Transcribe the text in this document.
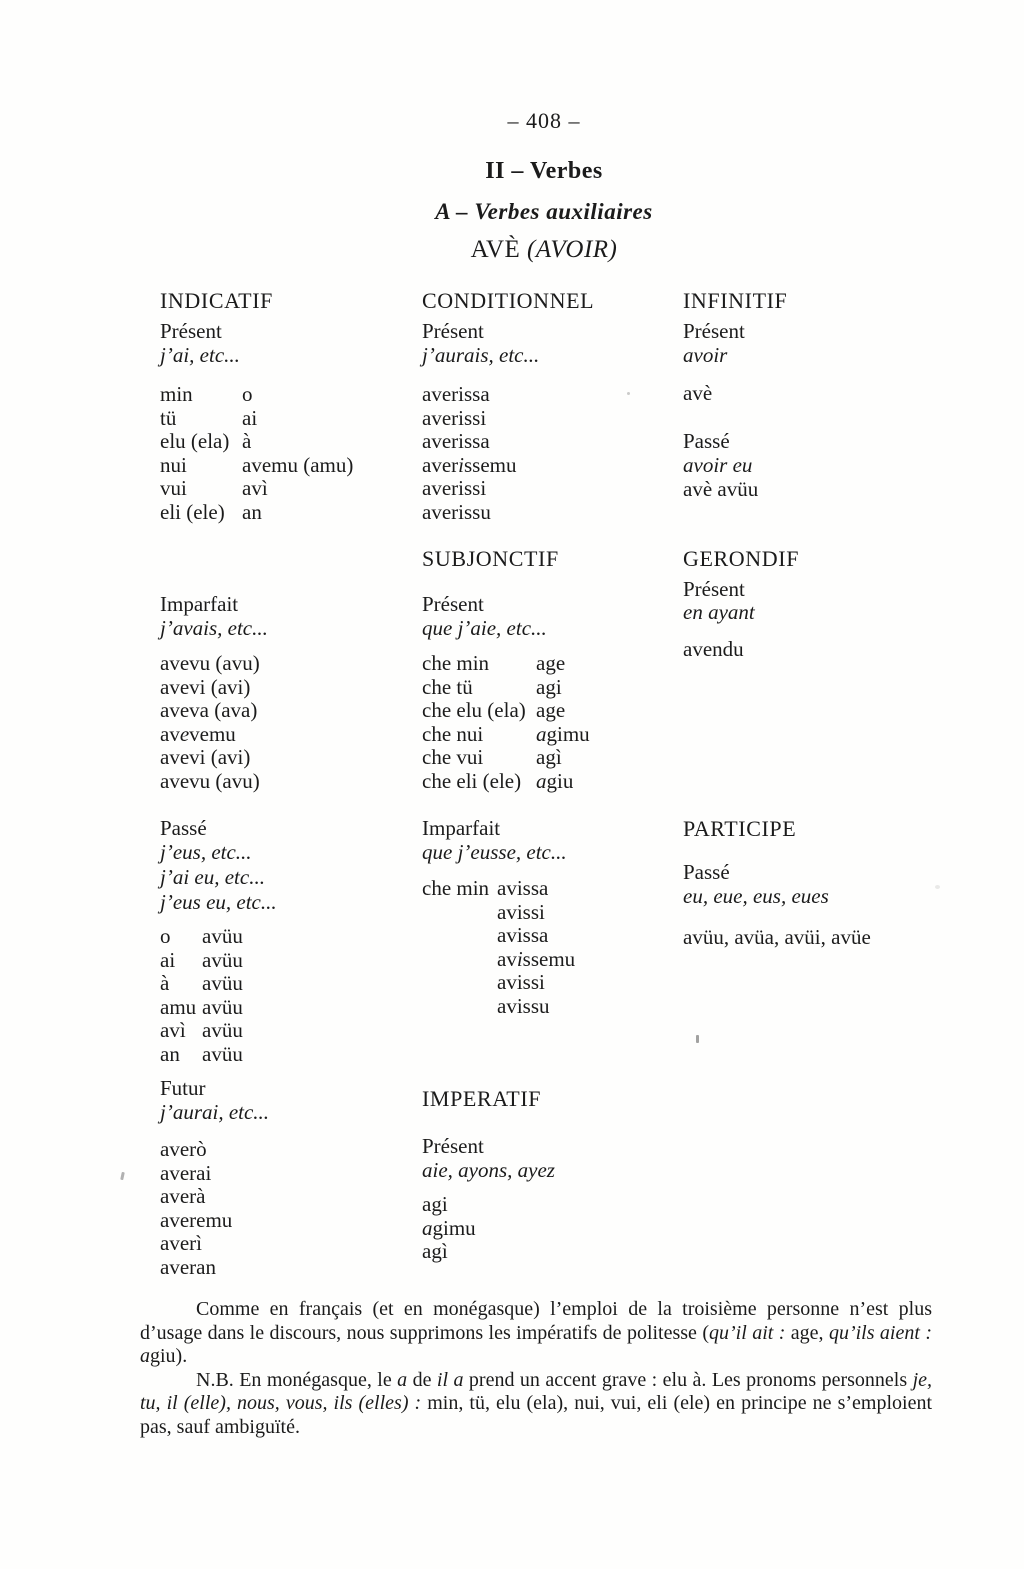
– 408 –
II – Verbes
A – Verbes auxiliaires
AVÈ (AVOIR)
INDICATIF
Présent
j’ai, etc...
min	o
tü	ai
elu (ela) à
nui	avemu (amu)
vui	avì
eli (ele) an
Imparfait
j’avais, etc...
avevu (avu)
avevi (avi)
aveva (ava)
avevemu
avevi (avi)
avevu (avu)
Passé
j’eus, etc...
j’ai eu, etc...
j’eus eu, etc...
o	avüu
ai	avüu
à	avüu
amu avüu
avì avüu
an	avüu
Futur
j’aurai, etc...
averò
averai
averà
averemu
averì
averan
CONDITIONNEL
Présent
j’aurais, etc...
averissa
averissi
averissa
averissemu
averissi
averissu
SUBJONCTIF
Présent
que j’aie, etc...
che min	age
che tü	agi
che elu (ela) age
che nui	agimu
che vui	agì
che eli (ele) agiu
Imparfait
que j’eusse, etc...
che min avissa
avissi
avissa
avissemu
avissi
avissu
IMPERATIF
Présent
aie, ayons, ayez
agi
agimu
agì
INFINITIF
Présent
avoir
avè
Passé
avoir eu
avè avüu
GERONDIF
Présent
en ayant
avendu
PARTICIPE
Passé
eu, eue, eus, eues
avüu, avüa, avüi, avüe

Comme en français (et en monégasque) l’emploi de la troisième personne n’est plus d’usage dans le discours, nous supprimons les impératifs de politesse (qu’il ait : age, qu’ils aient : agiu).

N.B. En monégasque, le a de il a prend un accent grave : elu à. Les pronoms personnels je, tu, il (elle), nous, vous, ils (elles) : min, tü, elu (ela), nui, vui, eli (ele) en principe ne s’emploient pas, sauf ambiguïté.
